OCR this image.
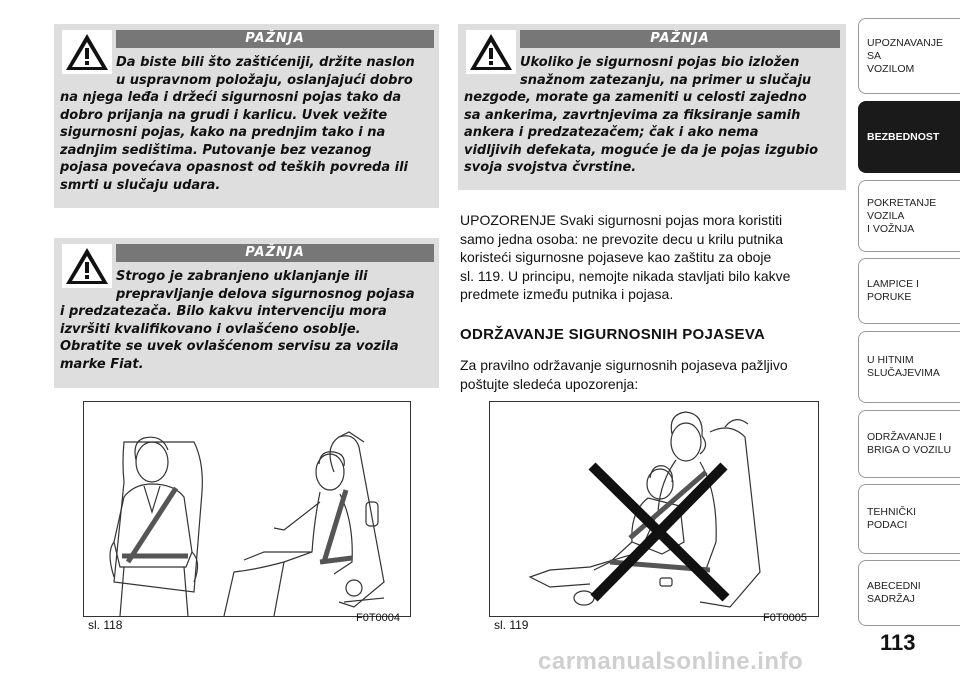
PAŽNJA
Da biste bili što zaštićeniji, držite naslon
u uspravnom položaju, oslanjajući dobro
na njega leđa i držeći sigurnosni pojas tako da
dobro prijanja na grudi i karlicu. Uvek vežite
sigurnosni pojas, kako na prednjim tako i na
zadnjim sedištima. Putovanje bez vezanog
pojasa povećava opasnost od teških povreda ili
smrti u slučaju udara.
PAŽNJA
Strogo je zabranjeno uklanjanje ili
prepravljanje delova sigurnosnog pojasa
i predzatezača. Bilo kakvu intervenciju mora
izvršiti kvalifikovano i ovlašćeno osoblje.
Obratite se uvek ovlašćenom servisu za vozila
marke Fiat.
PAŽNJA
Ukoliko je sigurnosni pojas bio izložen
snažnom zatezanju, na primer u slučaju
nezgode, morate ga zameniti u celosti zajedno
sa ankerima, zavrtnjevima za fiksiranje samih
ankera i predzatezačem; čak i ako nema
vidljivih defekata, moguće je da je pojas izgubio
svoja svojstva čvrstine.
UPOZORENJE Svaki sigurnosni pojas mora koristiti
samo jedna osoba: ne prevozite decu u krilu putnika
koristeći sigurnosne pojaseve kao zaštitu za oboje
sl. 119. U principu, nemojte nikada stavljati bilo kakve
predmete između putnika i pojasa.
ODRŽAVANJE SIGURNOSNIH POJASEVA
Za pravilno održavanje sigurnosnih pojaseva pažljivo
poštujte sledeća upozorenja:
sl. 118	F0T0004	sl. 119	F0T0005
UPOZNAVANJE SA
VOZILOM
BEZBEDNOST
POKRETANJE VOZILA
I VOŽNJA
LAMPICE I PORUKE
U HITNIM
SLUČAJEVIMA
ODRŽAVANJE I
BRIGA O VOZILU
TEHNIČKI PODACI
ABECEDNI SADRŽAJ
113
carmanualsonline.info
